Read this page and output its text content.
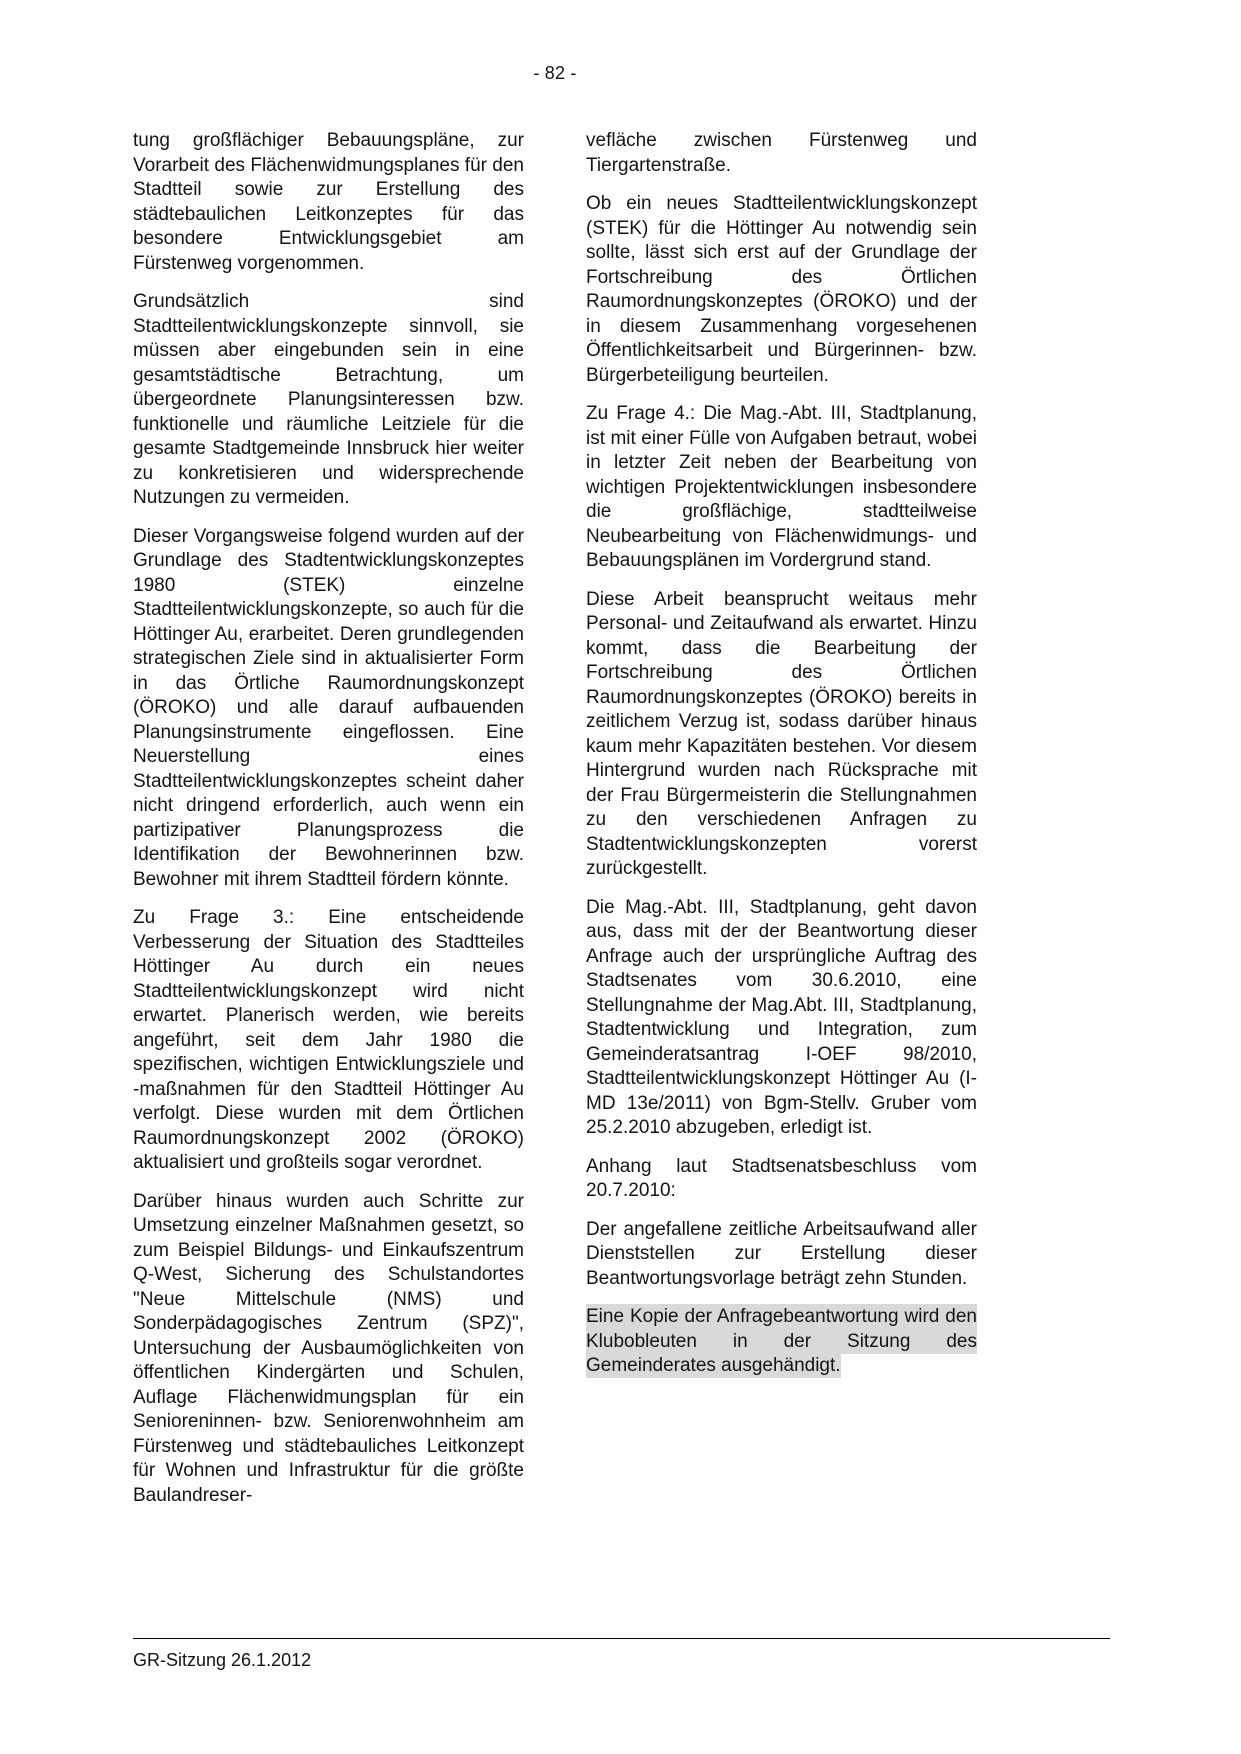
- 82 -

tung großflächiger Bebauungspläne, zur Vorarbeit des Flächenwidmungsplanes für den Stadtteil sowie zur Erstellung des städtebaulichen Leitkonzeptes für das besondere Entwicklungsgebiet am Fürstenweg vorgenommen.

Grundsätzlich sind Stadtteilentwicklungskonzepte sinnvoll, sie müssen aber eingebunden sein in eine gesamtstädtische Betrachtung, um übergeordnete Planungsinteressen bzw. funktionelle und räumliche Leitziele für die gesamte Stadtgemeinde Innsbruck hier weiter zu konkretisieren und widersprechende Nutzungen zu vermeiden.

Dieser Vorgangsweise folgend wurden auf der Grundlage des Stadtentwicklungskonzeptes 1980 (STEK) einzelne Stadtteilentwicklungskonzepte, so auch für die Höttinger Au, erarbeitet. Deren grundlegenden strategischen Ziele sind in aktualisierter Form in das Örtliche Raumordnungskonzept (ÖROKO) und alle darauf aufbauenden Planungsinstrumente eingeflossen. Eine Neuerstellung eines Stadtteilentwicklungskonzeptes scheint daher nicht dringend erforderlich, auch wenn ein partizipativer Planungsprozess die Identifikation der Bewohnerinnen bzw. Bewohner mit ihrem Stadtteil fördern könnte.

Zu Frage 3.: Eine entscheidende Verbesserung der Situation des Stadtteiles Höttinger Au durch ein neues Stadtteilentwicklungskonzept wird nicht erwartet. Planerisch werden, wie bereits angeführt, seit dem Jahr 1980 die spezifischen, wichtigen Entwicklungsziele und -maßnahmen für den Stadtteil Höttinger Au verfolgt. Diese wurden mit dem Örtlichen Raumordnungskonzept 2002 (ÖROKO) aktualisiert und großteils sogar verordnet.

Darüber hinaus wurden auch Schritte zur Umsetzung einzelner Maßnahmen gesetzt, so zum Beispiel Bildungs- und Einkaufszentrum Q-West, Sicherung des Schulstandortes "Neue Mittelschule (NMS) und Sonderpädagogisches Zentrum (SPZ)", Untersuchung der Ausbaumöglichkeiten von öffentlichen Kindergärten und Schulen, Auflage Flächenwidmungsplan für ein Senioreninnen- bzw. Seniorenwohnheim am Fürstenweg und städtebauliches Leitkonzept für Wohnen und Infrastruktur für die größte Baulandreser-

vefläche zwischen Fürstenweg und Tiergartenstraße.

Ob ein neues Stadtteilentwicklungskonzept (STEK) für die Höttinger Au notwendig sein sollte, lässt sich erst auf der Grundlage der Fortschreibung des Örtlichen Raumordnungskonzeptes (ÖROKO) und der in diesem Zusammenhang vorgesehenen Öffentlichkeitsarbeit und Bürgerinnen- bzw. Bürgerbeteiligung beurteilen.

Zu Frage 4.: Die Mag.-Abt. III, Stadtplanung, ist mit einer Fülle von Aufgaben betraut, wobei in letzter Zeit neben der Bearbeitung von wichtigen Projektentwicklungen insbesondere die großflächige, stadtteilweise Neubearbeitung von Flächenwidmungs- und Bebauungsplänen im Vordergrund stand.

Diese Arbeit beansprucht weitaus mehr Personal- und Zeitaufwand als erwartet. Hinzu kommt, dass die Bearbeitung der Fortschreibung des Örtlichen Raumordnungskonzeptes (ÖROKO) bereits in zeitlichem Verzug ist, sodass darüber hinaus kaum mehr Kapazitäten bestehen. Vor diesem Hintergrund wurden nach Rücksprache mit der Frau Bürgermeisterin die Stellungnahmen zu den verschiedenen Anfragen zu Stadtentwicklungskonzepten vorerst zurückgestellt.

Die Mag.-Abt. III, Stadtplanung, geht davon aus, dass mit der der Beantwortung dieser Anfrage auch der ursprüngliche Auftrag des Stadtsenates vom 30.6.2010, eine Stellungnahme der Mag.Abt. III, Stadtplanung, Stadtentwicklung und Integration, zum Gemeinderatsantrag I-OEF 98/2010, Stadtteilentwicklungskonzept Höttinger Au (I-MD 13e/2011) von Bgm-Stellv. Gruber vom 25.2.2010 abzugeben, erledigt ist.

Anhang laut Stadtsenatsbeschluss vom 20.7.2010:

Der angefallene zeitliche Arbeitsaufwand aller Dienststellen zur Erstellung dieser Beantwortungsvorlage beträgt zehn Stunden.

Eine Kopie der Anfragebeantwortung wird den Klubobleuten in der Sitzung des Gemeinderates ausgehändigt.

GR-Sitzung 26.1.2012
